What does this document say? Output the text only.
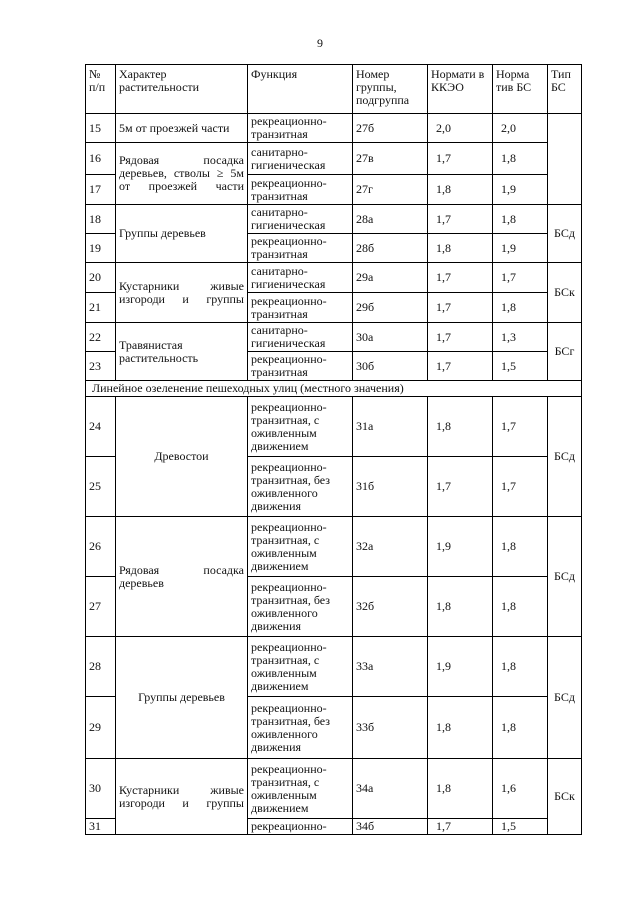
9
№ п/п	Характер растительности	Функция	Номер группы, подгруппа	Нормати в ККЭО	Норма тив БС	Тип БС
15	5м от проезжей части	рекреационно-транзитная	27б	2,0	2,0	
16	Рядовая посадка деревьев, стволы ≥ 5м от проезжей части	санитарно-гигиеническая	27в	1,7	1,8	
17		рекреационно-транзитная	27г	1,8	1,9	
18	Группы деревьев	санитарно-гигиеническая	28а	1,7	1,8	БСд
19		рекреационно-транзитная	28б	1,8	1,9	
20	Кустарники живые изгороди и группы	санитарно-гигиеническая	29а	1,7	1,7	БСк
21		рекреационно-транзитная	29б	1,7	1,8	
22	Травянистая растительность	санитарно-гигиеническая	30а	1,7	1,3	БСг
23		рекреационно-транзитная	30б	1,7	1,5	
Линейное озеленение пешеходных улиц (местного значения)						
24	Древостои	рекреационно-транзитная, с оживленным движением	31а	1,8	1,7	БСд
25		рекреационно-транзитная, без оживленного движения	31б	1,7	1,7	
26	Рядовая посадка деревьев	рекреационно-транзитная, с оживленным движением	32а	1,9	1,8	БСд
27		рекреационно-транзитная, без оживленного движения	32б	1,8	1,8	
28	Группы деревьев	рекреационно-транзитная, с оживленным движением	33а	1,9	1,8	БСд
29		рекреационно-транзитная, без оживленного движения	33б	1,8	1,8	
30	Кустарники живые изгороди и группы	рекреационно-транзитная, с оживленным движением	34а	1,8	1,6	БСк
31		рекреационно-	34б	1,7	1,5	
